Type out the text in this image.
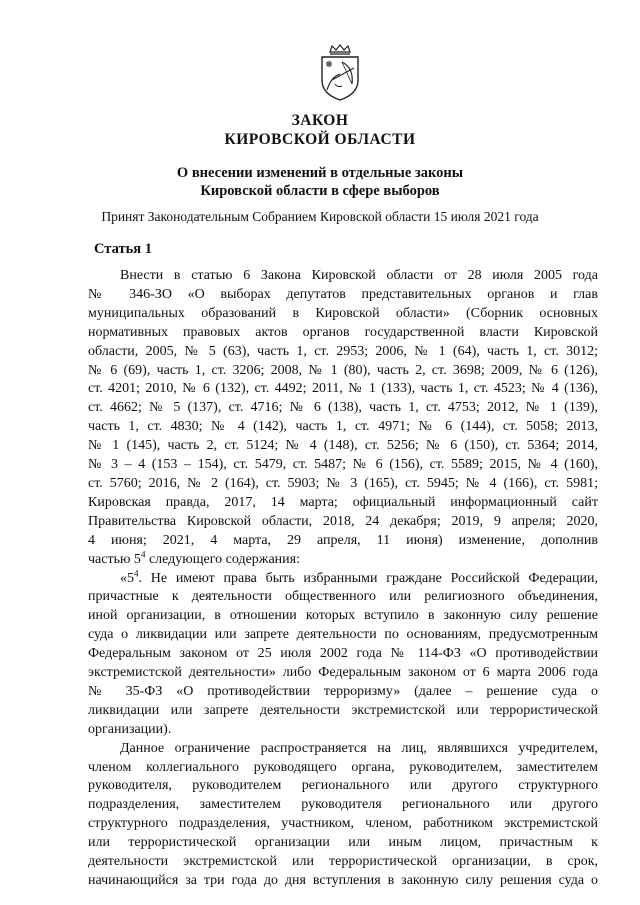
ЗАКОН
КИРОВСКОЙ ОБЛАСТИ
О внесении изменений в отдельные законы
Кировской области в сфере выборов
Принят Законодательным Собранием Кировской области 15 июля 2021 года
Статья 1
Внести в статью 6 Закона Кировской области от 28 июля 2005 года
№ 346-ЗО «О выборах депутатов представительных органов и глав
муниципальных образований в Кировской области» (Сборник основных
нормативных правовых актов органов государственной власти Кировской
области, 2005, № 5 (63), часть 1, ст. 2953; 2006, № 1 (64), часть 1, ст. 3012;
№ 6 (69), часть 1, ст. 3206; 2008, № 1 (80), часть 2, ст. 3698; 2009, № 6 (126),
ст. 4201; 2010, № 6 (132), ст. 4492; 2011, № 1 (133), часть 1, ст. 4523; № 4 (136),
ст. 4662; № 5 (137), ст. 4716; № 6 (138), часть 1, ст. 4753; 2012, № 1 (139),
часть 1, ст. 4830; № 4 (142), часть 1, ст. 4971; № 6 (144), ст. 5058; 2013,
№ 1 (145), часть 2, ст. 5124; № 4 (148), ст. 5256; № 6 (150), ст. 5364; 2014,
№ 3 – 4 (153 – 154), ст. 5479, ст. 5487; № 6 (156), ст. 5589; 2015, № 4 (160),
ст. 5760; 2016, № 2 (164), ст. 5903; № 3 (165), ст. 5945; № 4 (166), ст. 5981;
Кировская правда, 2017, 14 марта; официальный информационный сайт
Правительства Кировской области, 2018, 24 декабря; 2019, 9 апреля; 2020,
4 июня; 2021, 4 марта, 29 апреля, 11 июня) изменение, дополнив
частью $5^4$ следующего содержания:
«$5^4$. Не имеют права быть избранными граждане Российской Федерации,
причастные к деятельности общественного или религиозного объединения,
иной организации, в отношении которых вступило в законную силу решение
суда о ликвидации или запрете деятельности по основаниям, предусмотренным
Федеральным законом от 25 июля 2002 года № 114-ФЗ «О противодействии
экстремистской деятельности» либо Федеральным законом от 6 марта 2006 года
№ 35-ФЗ «О противодействии терроризму» (далее – решение суда о
ликвидации или запрете деятельности экстремистской или террористической
организации).
Данное ограничение распространяется на лиц, являвшихся учредителем,
членом коллегиального руководящего органа, руководителем, заместителем
руководителя, руководителем регионального или другого структурного
подразделения, заместителем руководителя регионального или другого
структурного подразделения, участником, членом, работником экстремистской
или террористической организации или иным лицом, причастным к
деятельности экстремистской или террористической организации, в срок,
начинающийся за три года до дня вступления в законную силу решения суда о
